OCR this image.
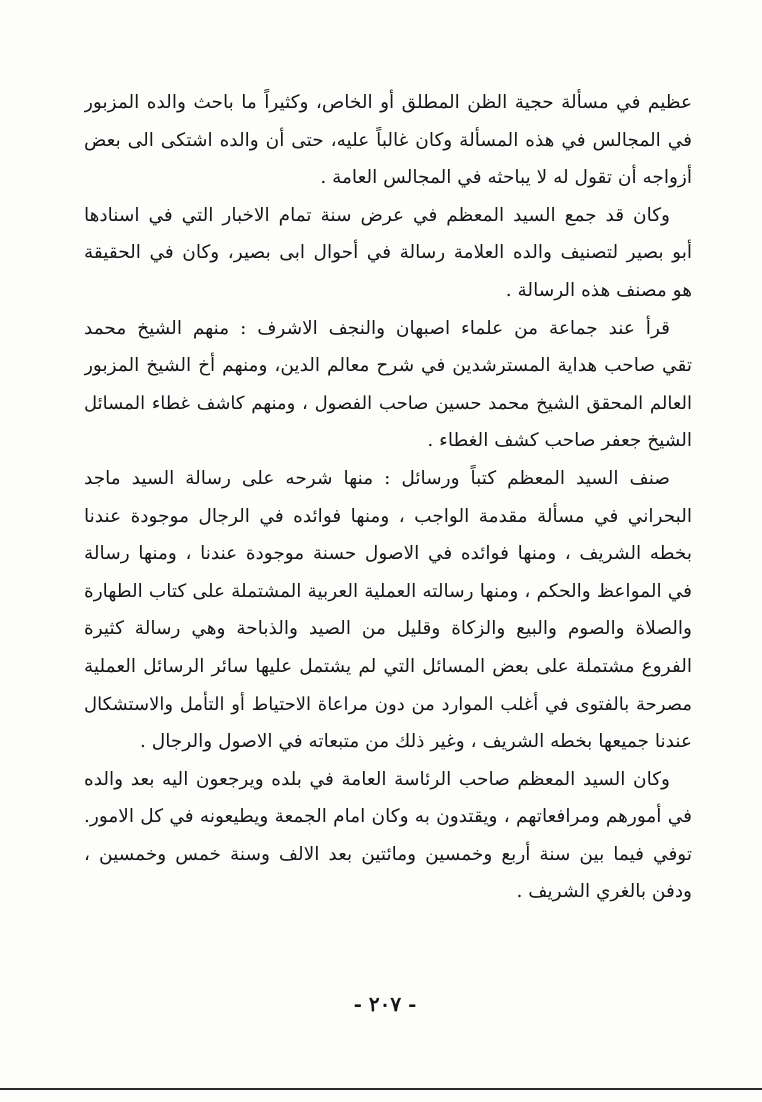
عظيم في مسألة حجية الظن المطلق أو الخاص، وكثيراً ما باحث والده المزبور
في المجالس في هذه المسألة وكان غالباً عليه، حتى أن والده اشتكى الى بعض
أزواجه أن تقول له لا يباحثه في المجالس العامة .
وكان قد جمع السيد المعظم في عرض سنة تمام الاخبار التي في اسنادها
أبو بصير لتصنيف والده العلامة رسالة في أحوال ابى بصير، وكان في الحقيقة
هو مصنف هذه الرسالة .
قرأ عند جماعة من علماء اصبهان والنجف الاشرف : منهم الشيخ محمد
تقي صاحب هداية المسترشدين في شرح معالم الدين، ومنهم أخ الشيخ المزبور
العالم المحقق الشيخ محمد حسين صاحب الفصول ، ومنهم كاشف غطاء المسائل
الشيخ جعفر صاحب كشف الغطاء .
صنف السيد المعظم كتباً ورسائل : منها شرحه على رسالة السيد ماجد
البحراني في مسألة مقدمة الواجب ، ومنها فوائده في الرجال موجودة عندنا
بخطه الشريف ، ومنها فوائده في الاصول حسنة موجودة عندنا ، ومنها رسالة
في المواعظ والحكم ، ومنها رسالته العملية العربية المشتملة على كتاب الطهارة
والصلاة والصوم والبيع والزكاة وقليل من الصيد والذباحة وهي رسالة كثيرة
الفروع مشتملة على بعض المسائل التي لم يشتمل عليها سائر الرسائل العملية
مصرحة بالفتوى في أغلب الموارد من دون مراعاة الاحتياط أو التأمل والاستشكال
عندنا جميعها بخطه الشريف ، وغير ذلك من متبعاته في الاصول والرجال .
وكان السيد المعظم صاحب الرئاسة العامة في بلده ويرجعون اليه بعد والده
في أمورهم ومرافعاتهم ، ويقتدون به وكان امام الجمعة ويطيعونه في كل الامور.
توفي فيما بين سنة أربع وخمسين ومائتين بعد الالف وسنة خمس وخمسين ،
ودفن بالغري الشريف .
- ٢٠٧ -
